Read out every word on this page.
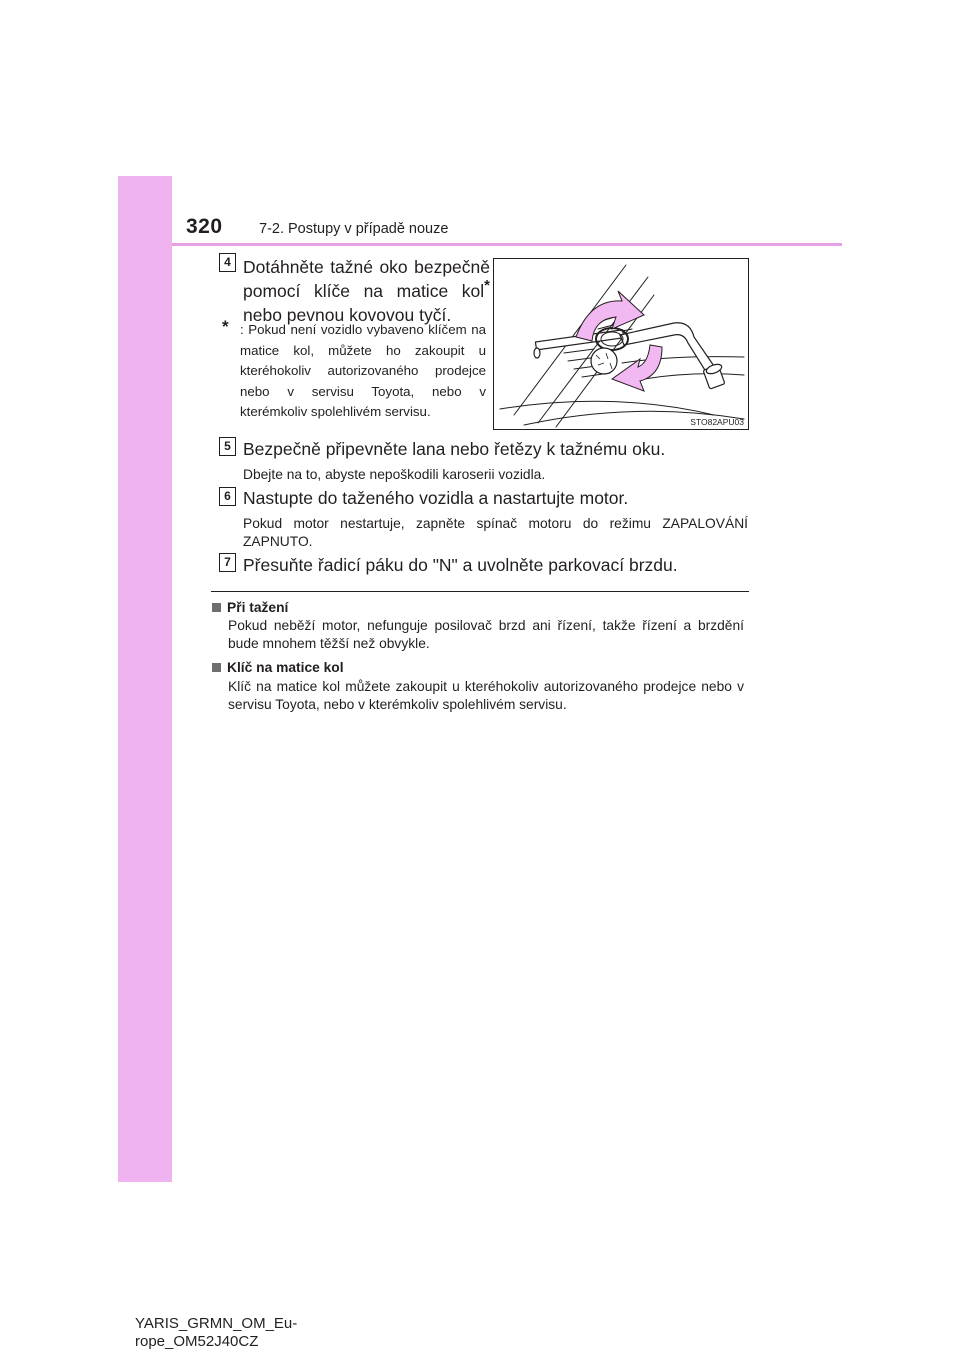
320	7-2. Postupy v případě nouze
4 Dotáhněte tažné oko bezpečně pomocí klíče na matice kol* nebo pevnou kovovou tyčí.
* : Pokud není vozidlo vybaveno klíčem na matice kol, můžete ho zakoupit u kteréhokoliv autorizovaného prodejce nebo v servisu Toyota, nebo v kterémkoliv spolehlivém servisu.
STO82APU03
5 Bezpečně připevněte lana nebo řetězy k tažnému oku.
Dbejte na to, abyste nepoškodili karoserii vozidla.
6 Nastupte do taženého vozidla a nastartujte motor.
Pokud motor nestartuje, zapněte spínač motoru do režimu ZAPALOVÁNÍ ZAPNUTO.
7 Přesuňte řadicí páku do "N" a uvolněte parkovací brzdu.
Při tažení
Pokud neběží motor, nefunguje posilovač brzd ani řízení, takže řízení a brzdění bude mnohem těžší než obvykle.
Klíč na matice kol
Klíč na matice kol můžete zakoupit u kteréhokoliv autorizovaného prodejce nebo v servisu Toyota, nebo v kterémkoliv spolehlivém servisu.
YARIS_GRMN_OM_Eu-
rope_OM52J40CZ
